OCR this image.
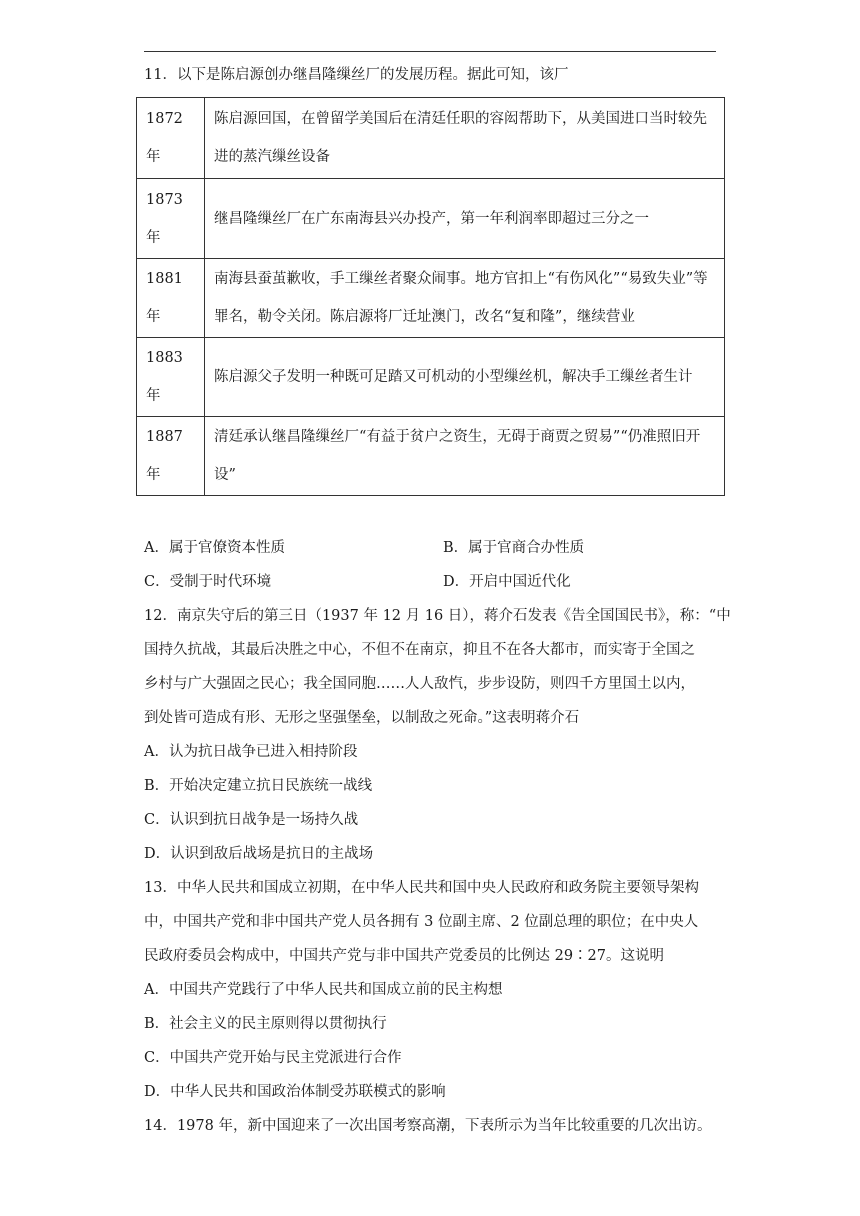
11．以下是陈启源创办继昌隆缫丝厂的发展历程。据此可知，该厂
1872
年	陈启源回国，在曾留学美国后在清廷任职的容闳帮助下，从美国进口当时较先
进的蒸汽缫丝设备

1873
年	继昌隆缫丝厂在广东南海县兴办投产，第一年利润率即超过三分之一

1881
年	南海县蚕茧歉收，手工缫丝者聚众闹事。地方官扣上“有伤风化”“易致失业”等
罪名，勒令关闭。陈启源将厂迁址澳门，改名“复和隆”，继续营业

1883
年	陈启源父子发明一种既可足踏又可机动的小型缫丝机，解决手工缫丝者生计

1887
年	清廷承认继昌隆缫丝厂“有益于贫户之资生，无碍于商贾之贸易”“仍准照旧开
设”
A．属于官僚资本性质	B．属于官商合办性质
C．受制于时代环境	D．开启中国近代化
12．南京失守后的第三日（1937 年 12 月 16 日），蒋介石发表《告全国国民书》，称：“中
国持久抗战，其最后决胜之中心，不但不在南京，抑且不在各大都市，而实寄于全国之
乡村与广大强固之民心；我全国同胞……人人敌忾，步步设防，则四千方里国土以内，
到处皆可造成有形、无形之坚强堡垒，以制敌之死命。”这表明蒋介石
A．认为抗日战争已进入相持阶段
B．开始决定建立抗日民族统一战线
C．认识到抗日战争是一场持久战
D．认识到敌后战场是抗日的主战场
13．中华人民共和国成立初期，在中华人民共和国中央人民政府和政务院主要领导架构
中，中国共产党和非中国共产党人员各拥有 3 位副主席、2 位副总理的职位；在中央人
民政府委员会构成中，中国共产党与非中国共产党委员的比例达 29∶27。这说明
A．中国共产党践行了中华人民共和国成立前的民主构想
B．社会主义的民主原则得以贯彻执行
C．中国共产党开始与民主党派进行合作
D．中华人民共和国政治体制受苏联模式的影响
14．1978 年，新中国迎来了一次出国考察高潮，下表所示为当年比较重要的几次出访。
